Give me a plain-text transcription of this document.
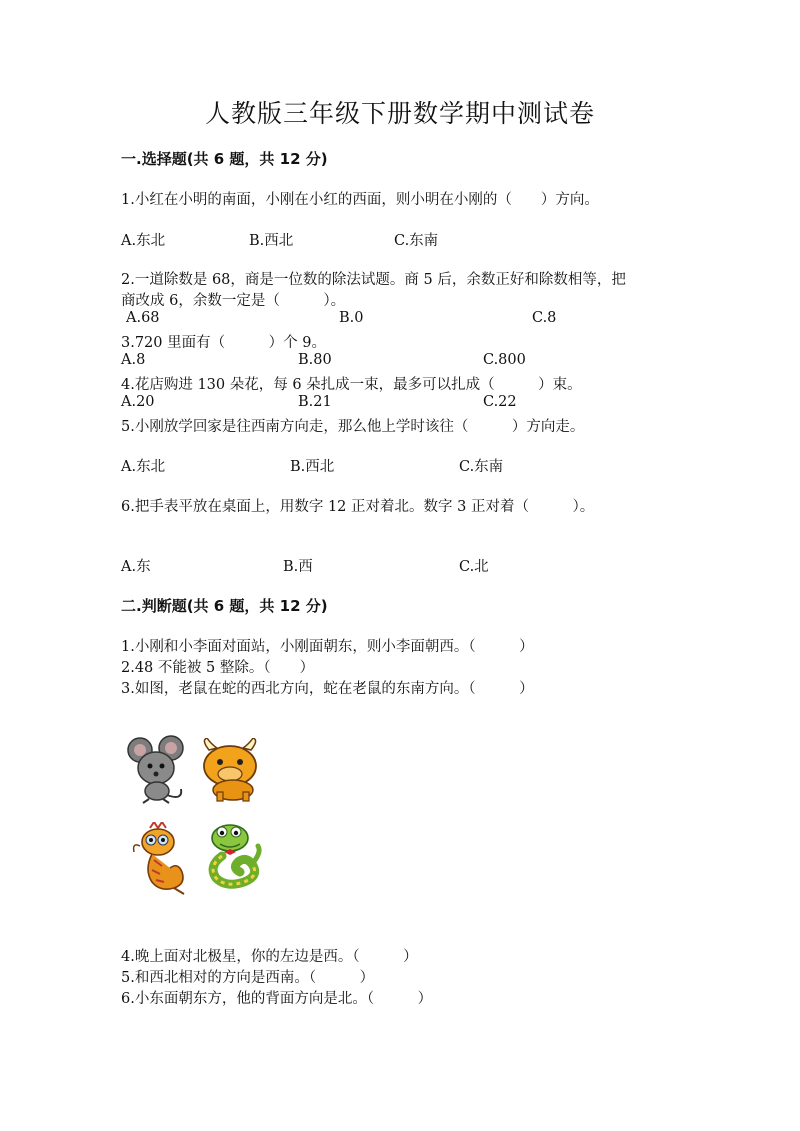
人教版三年级下册数学期中测试卷
一.选择题(共 6 题，共 12 分)
1.小红在小明的南面，小刚在小红的西面，则小明在小刚的（　　）方向。
A.东北	B.西北	C.东南
2.一道除数是 68，商是一位数的除法试题。商 5 后，余数正好和除数相等，把
商改成 6，余数一定是（　　　）。
A.68	B.0	C.8
3.720 里面有（　　　）个 9。
A.8	B.80	C.800
4.花店购进 130 朵花，每 6 朵扎成一束，最多可以扎成（　　　）束。
A.20	B.21	C.22
5.小刚放学回家是往西南方向走，那么他上学时该往（　　　）方向走。
A.东北	B.西北	C.东南
6.把手表平放在桌面上，用数字 12 正对着北。数字 3 正对着（　　　）。
A.东	B.西	C.北
二.判断题(共 6 题，共 12 分)
1.小刚和小李面对面站，小刚面朝东，则小李面朝西。（　　　）
2.48 不能被 5 整除。（　　）
3.如图，老鼠在蛇的西北方向，蛇在老鼠的东南方向。（　　　）
4.晚上面对北极星，你的左边是西。（　　　）
5.和西北相对的方向是西南。（　　　）
6.小东面朝东方，他的背面方向是北。（　　　）
